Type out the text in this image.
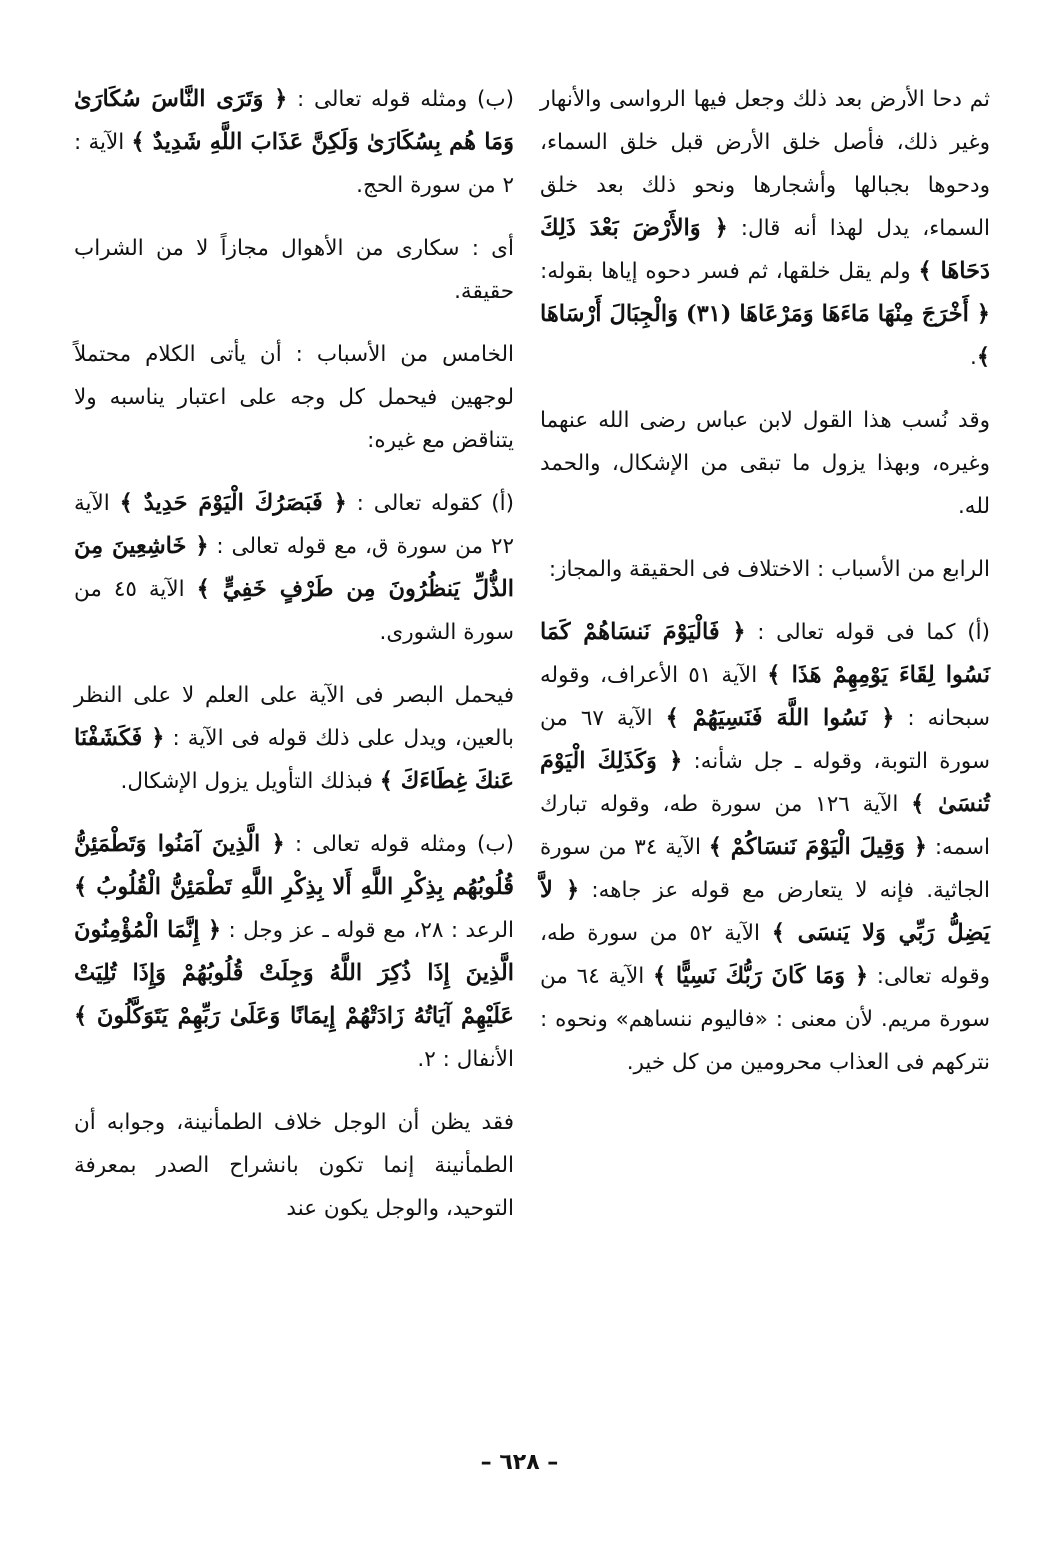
ثم دحا الأرض بعد ذلك وجعل فيها الرواسى والأنهار وغير ذلك، فأصل خلق الأرض قبل خلق السماء، ودحوها بجبالها وأشجارها ونحو ذلك بعد خلق السماء، يدل لهذا أنه قال: ﴿ وَالأَرْضَ بَعْدَ ذَلِكَ دَحَاهَا ﴾ ولم يقل خلقها، ثم فسر دحوه إياها بقوله: ﴿ أَخْرَجَ مِنْهَا مَاءَهَا وَمَرْعَاهَا (٣١) وَالْجِبَالَ أَرْسَاهَا ﴾.

وقد نُسب هذا القول لابن عباس رضى الله عنهما وغيره، وبهذا يزول ما تبقى من الإشكال، والحمد لله.

الرابع من الأسباب : الاختلاف فى الحقيقة والمجاز:

(أ) كما فى قوله تعالى : ﴿ فَالْيَوْمَ نَنسَاهُمْ كَمَا نَسُوا لِقَاءَ يَوْمِهِمْ هَذَا ﴾ الآية ٥١ الأعراف، وقوله سبحانه : ﴿ نَسُوا اللَّهَ فَنَسِيَهُمْ ﴾ الآية ٦٧ من سورة التوبة، وقوله ـ جل شأنه: ﴿ وَكَذَلِكَ الْيَوْمَ تُنسَىٰ ﴾ الآية ١٢٦ من سورة طه، وقوله تبارك اسمه: ﴿ وَقِيلَ الْيَوْمَ نَنسَاكُمْ ﴾ الآية ٣٤ من سورة الجاثية. فإنه لا يتعارض مع قوله عز جاهه: ﴿ لاَّ يَضِلُّ رَبِّي وَلا يَنسَى ﴾ الآية ٥٢ من سورة طه، وقوله تعالى: ﴿ وَمَا كَانَ رَبُّكَ نَسِيًّا ﴾ الآية ٦٤ من سورة مريم. لأن معنى : «فاليوم ننساهم» ونحوه : نتركهم فى العذاب محرومين من كل خير.

(ب) ومثله قوله تعالى : ﴿ وَتَرَى النَّاسَ سُكَارَىٰ وَمَا هُم بِسُكَارَىٰ وَلَكِنَّ عَذَابَ اللَّهِ شَدِيدٌ ﴾ الآية : ٢ من سورة الحج.

أى : سكارى من الأهوال مجازاً لا من الشراب حقيقة.

الخامس من الأسباب : أن يأتى الكلام محتملاً لوجهين فيحمل كل وجه على اعتبار يناسبه ولا يتناقض مع غيره:

(أ) كقوله تعالى : ﴿ فَبَصَرُكَ الْيَوْمَ حَدِيدٌ ﴾ الآية ٢٢ من سورة ق، مع قوله تعالى : ﴿ خَاشِعِينَ مِنَ الذُّلِّ يَنظُرُونَ مِن طَرْفٍ خَفِيٍّ ﴾ الآية ٤٥ من سورة الشورى.

فيحمل البصر فى الآية على العلم لا على النظر بالعين، ويدل على ذلك قوله فى الآية : ﴿ فَكَشَفْنَا عَنكَ غِطَاءَكَ ﴾ فبذلك التأويل يزول الإشكال.

(ب) ومثله قوله تعالى : ﴿ الَّذِينَ آمَنُوا وَتَطْمَئِنُّ قُلُوبُهُم بِذِكْرِ اللَّهِ أَلا بِذِكْرِ اللَّهِ تَطْمَئِنُّ الْقُلُوبُ ﴾ الرعد : ٢٨، مع قوله ـ عز وجل : ﴿ إِنَّمَا الْمُؤْمِنُونَ الَّذِينَ إِذَا ذُكِرَ اللَّهُ وَجِلَتْ قُلُوبُهُمْ وَإِذَا تُلِيَتْ عَلَيْهِمْ آيَاتُهُ زَادَتْهُمْ إِيمَانًا وَعَلَىٰ رَبِّهِمْ يَتَوَكَّلُونَ ﴾ الأنفال : ٢.

فقد يظن أن الوجل خلاف الطمأنينة، وجوابه أن الطمأنينة إنما تكون بانشراح الصدر بمعرفة التوحيد، والوجل يكون عند

– ٦٢٨ –
